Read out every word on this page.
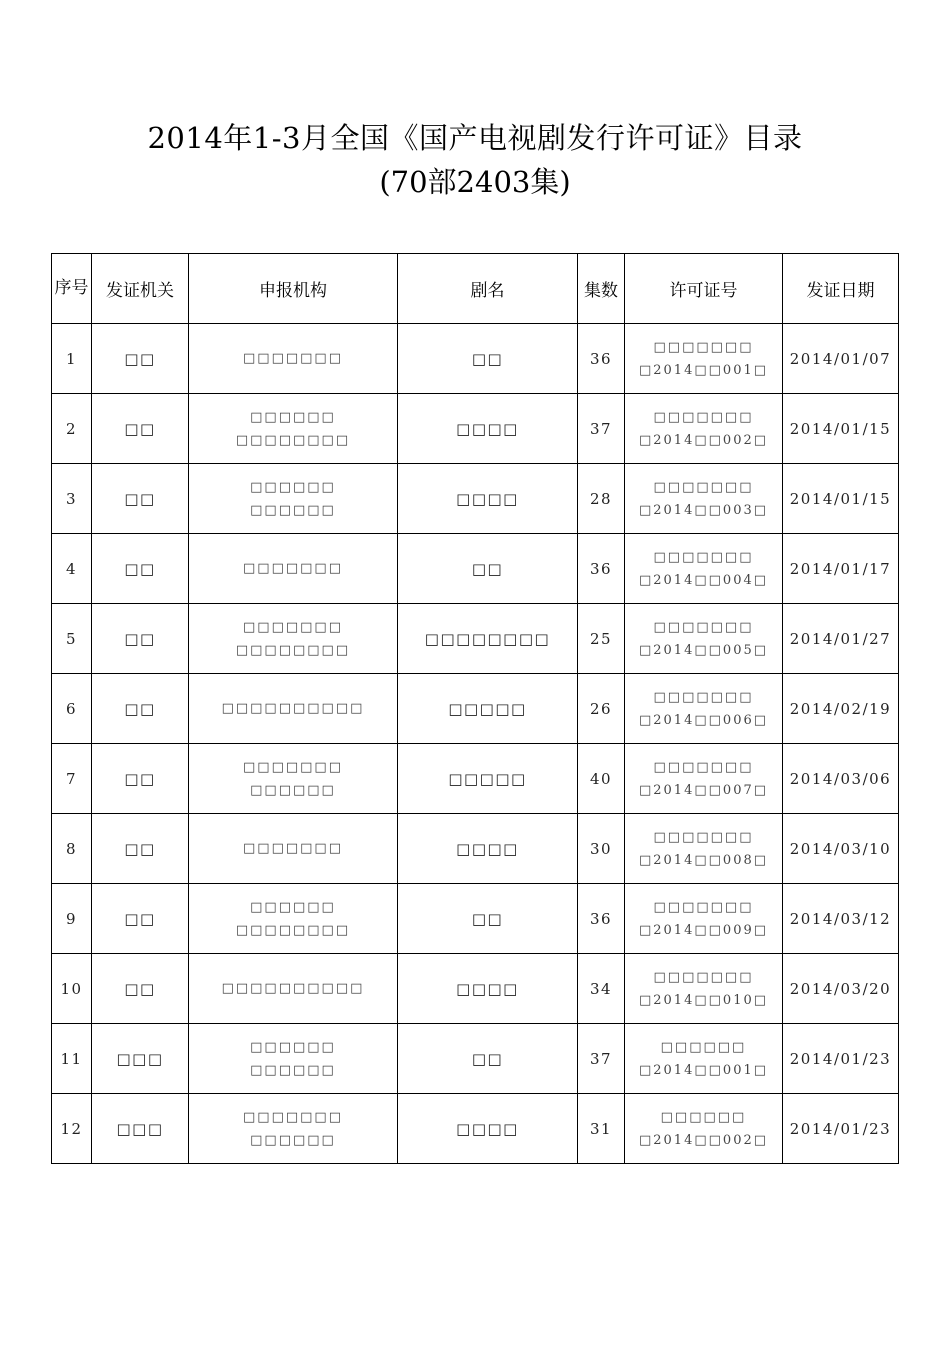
2014年1-3月全国《国产电视剧发行许可证》目录
(70部2403集)
序号	发证机关	申报机构	剧名	集数	许可证号	发证日期
1	□□	□□□□□□□	□□	36	□□□□□□□
□2014□□001□	2014/01/07
2	□□	□□□□□□
□□□□□□□□	□□□□	37	□□□□□□□
□2014□□002□	2014/01/15
3	□□	□□□□□□
□□□□□□	□□□□	28	□□□□□□□
□2014□□003□	2014/01/15
4	□□	□□□□□□□	□□	36	□□□□□□□
□2014□□004□	2014/01/17
5	□□	□□□□□□□
□□□□□□□□	□□□□□□□□	25	□□□□□□□
□2014□□005□	2014/01/27
6	□□	□□□□□□□□□□	□□□□□	26	□□□□□□□
□2014□□006□	2014/02/19
7	□□	□□□□□□□
□□□□□□	□□□□□	40	□□□□□□□
□2014□□007□	2014/03/06
8	□□	□□□□□□□	□□□□	30	□□□□□□□
□2014□□008□	2014/03/10
9	□□	□□□□□□
□□□□□□□□	□□	36	□□□□□□□
□2014□□009□	2014/03/12
10	□□	□□□□□□□□□□	□□□□	34	□□□□□□□
□2014□□010□	2014/03/20
11	□□□	□□□□□□
□□□□□□	□□	37	□□□□□□
□2014□□001□	2014/01/23
12	□□□	□□□□□□□
□□□□□□	□□□□	31	□□□□□□
□2014□□002□	2014/01/23
